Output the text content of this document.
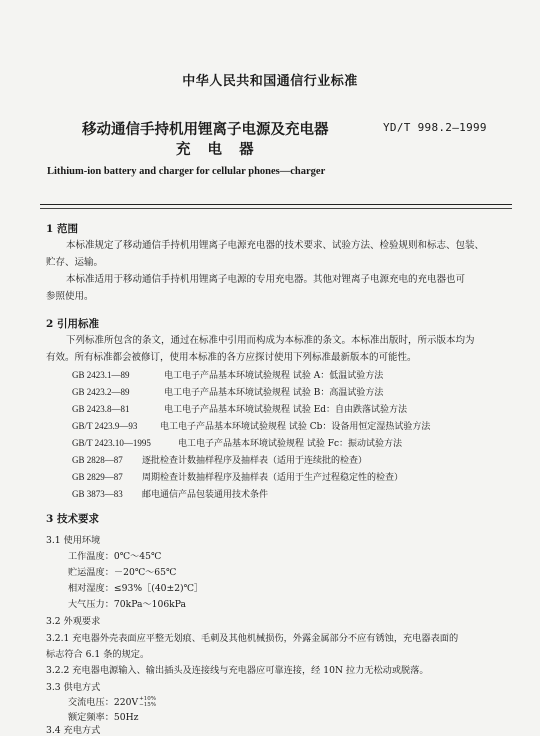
中华人民共和国通信行业标准
移动通信手持机用锂离子电源及充电器
充 电 器
YD/T 998.2—1999
Lithium-ion battery and charger for cellular phones—charger
1 范围
本标准规定了移动通信手持机用锂离子电源充电器的技术要求、试验方法、检验规则和标志、包装、
贮存、运输。
本标准适用于移动通信手持机用锂离子电源的专用充电器。其他对锂离子电源充电的充电器也可
参照使用。
2 引用标准
下列标准所包含的条文，通过在标准中引用而构成为本标准的条文。本标准出版时，所示版本均为
有效。所有标准都会被修订，使用本标准的各方应探讨使用下列标准最新版本的可能性。
GB 2423.1—89	电工电子产品基本环境试验规程 试验 A：低温试验方法
GB 2423.2—89	电工电子产品基本环境试验规程 试验 B：高温试验方法
GB 2423.8—81	电工电子产品基本环境试验规程 试验 Ed：自由跌落试验方法
GB/T 2423.9—93	电工电子产品基本环境试验规程 试验 Cb：设备用恒定湿热试验方法
GB/T 2423.10—1995	电工电子产品基本环境试验规程 试验 Fc：振动试验方法
GB 2828—87 逐批检查计数抽样程序及抽样表（适用于连续批的检查）
GB 2829—87 周期检查计数抽样程序及抽样表（适用于生产过程稳定性的检查）
GB 3873—83 邮电通信产品包装通用技术条件
3 技术要求
3.1 使用环境
工作温度：0℃～45℃
贮运温度：－20℃～65℃
相对湿度：≤93%［(40±2)℃］
大气压力：70kPa～106kPa
3.2 外观要求
3.2.1 充电器外壳表面应平整无划痕、毛刺及其他机械损伤，外露金属部分不应有锈蚀，充电器表面的
标志符合 6.1 条的规定。
3.2.2 充电器电源输入、输出插头及连接线与充电器应可靠连接，经 10N 拉力无松动或脱落。
3.3 供电方式
交流电压：220V +10%
−15%
额定频率：50Hz
3.4 充电方式
